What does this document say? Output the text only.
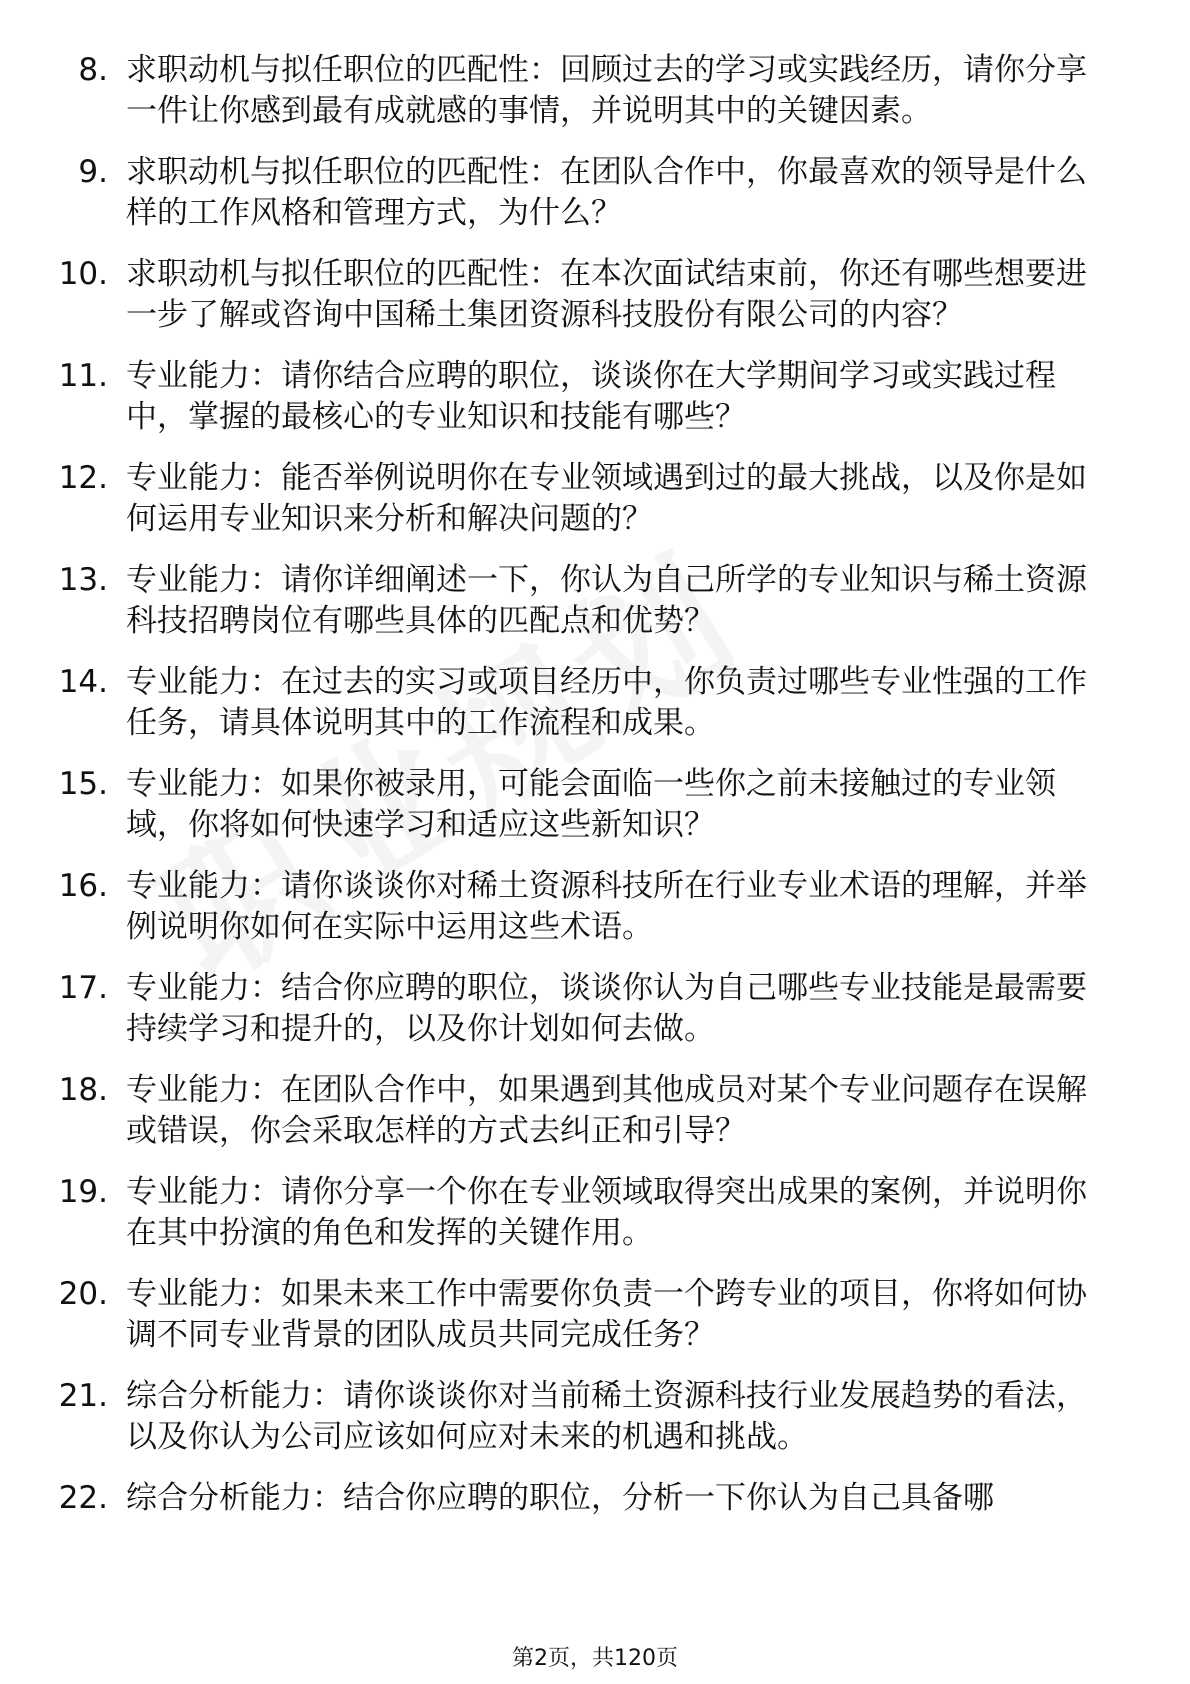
8. 求职动机与拟任职位的匹配性：回顾过去的学习或实践经历，请你分享一件让你感到最有成就感的事情，并说明其中的关键因素。
9. 求职动机与拟任职位的匹配性：在团队合作中，你最喜欢的领导是什么样的工作风格和管理方式，为什么？
10. 求职动机与拟任职位的匹配性：在本次面试结束前，你还有哪些想要进一步了解或咨询中国稀土集团资源科技股份有限公司的内容？
11. 专业能力：请你结合应聘的职位，谈谈你在大学期间学习或实践过程中，掌握的最核心的专业知识和技能有哪些？
12. 专业能力：能否举例说明你在专业领域遇到过的最大挑战，以及你是如何运用专业知识来分析和解决问题的？
13. 专业能力：请你详细阐述一下，你认为自己所学的专业知识与稀土资源科技招聘岗位有哪些具体的匹配点和优势？
14. 专业能力：在过去的实习或项目经历中，你负责过哪些专业性强的工作任务，请具体说明其中的工作流程和成果。
15. 专业能力：如果你被录用，可能会面临一些你之前未接触过的专业领域，你将如何快速学习和适应这些新知识？
16. 专业能力：请你谈谈你对稀土资源科技所在行业专业术语的理解，并举例说明你如何在实际中运用这些术语。
17. 专业能力：结合你应聘的职位，谈谈你认为自己哪些专业技能是最需要持续学习和提升的，以及你计划如何去做。
18. 专业能力：在团队合作中，如果遇到其他成员对某个专业问题存在误解或错误，你会采取怎样的方式去纠正和引导？
19. 专业能力：请你分享一个你在专业领域取得突出成果的案例，并说明你在其中扮演的角色和发挥的关键作用。
20. 专业能力：如果未来工作中需要你负责一个跨专业的项目，你将如何协调不同专业背景的团队成员共同完成任务？
21. 综合分析能力：请你谈谈你对当前稀土资源科技行业发展趋势的看法，以及你认为公司应该如何应对未来的机遇和挑战。
22. 综合分析能力：结合你应聘的职位，分析一下你认为自己具备哪
第2页，共120页
